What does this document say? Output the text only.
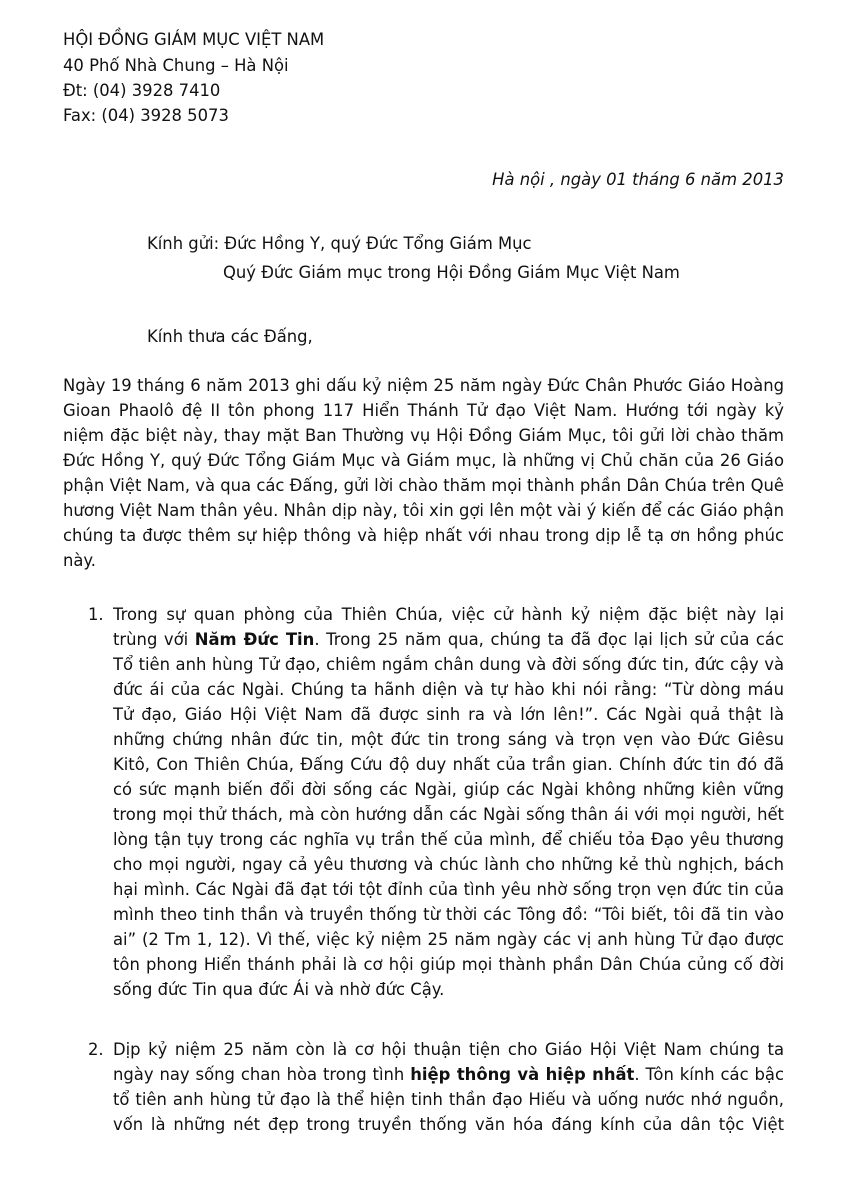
HỘI ĐỒNG GIÁM MỤC VIỆT NAM
40 Phố Nhà Chung – Hà Nội
Đt: (04) 3928 7410
Fax: (04) 3928 5073
Hà nội , ngày 01 tháng 6 năm 2013
Kính gửi: Đức Hồng Y, quý Đức Tổng Giám Mục
Quý Đức Giám mục trong Hội Đồng Giám Mục Việt Nam
Kính thưa các Đấng,
Ngày 19 tháng 6 năm 2013 ghi dấu kỷ niệm 25 năm ngày Đức Chân Phước Giáo Hoàng
Gioan Phaolô đệ II tôn phong 117 Hiển Thánh Tử đạo Việt Nam. Hướng tới ngày kỷ
niệm đặc biệt này, thay mặt Ban Thường vụ Hội Đồng Giám Mục, tôi gửi lời chào thăm
Đức Hồng Y, quý Đức Tổng Giám Mục và Giám mục, là những vị Chủ chăn của 26 Giáo
phận Việt Nam, và qua các Đấng, gửi lời chào thăm mọi thành phần Dân Chúa trên Quê
hương Việt Nam thân yêu. Nhân dịp này, tôi xin gợi lên một vài ý kiến để các Giáo phận
chúng ta được thêm sự hiệp thông và hiệp nhất với nhau trong dịp lễ tạ ơn hồng phúc
này.
1. Trong sự quan phòng của Thiên Chúa, việc cử hành kỷ niệm đặc biệt này lại
trùng với Năm Đức Tin. Trong 25 năm qua, chúng ta đã đọc lại lịch sử của các
Tổ tiên anh hùng Tử đạo, chiêm ngắm chân dung và đời sống đức tin, đức cậy và
đức ái của các Ngài. Chúng ta hãnh diện và tự hào khi nói rằng: “Từ dòng máu
Tử đạo, Giáo Hội Việt Nam đã được sinh ra và lớn lên!”. Các Ngài quả thật là
những chứng nhân đức tin, một đức tin trong sáng và trọn vẹn vào Đức Giêsu
Kitô, Con Thiên Chúa, Đấng Cứu độ duy nhất của trần gian. Chính đức tin đó đã
có sức mạnh biến đổi đời sống các Ngài, giúp các Ngài không những kiên vững
trong mọi thử thách, mà còn hướng dẫn các Ngài sống thân ái với mọi người, hết
lòng tận tụy trong các nghĩa vụ trần thế của mình, để chiếu tỏa Đạo yêu thương
cho mọi người, ngay cả yêu thương và chúc lành cho những kẻ thù nghịch, bách
hại mình. Các Ngài đã đạt tới tột đỉnh của tình yêu nhờ sống trọn vẹn đức tin của
mình theo tinh thần và truyền thống từ thời các Tông đồ: “Tôi biết, tôi đã tin vào
ai” (2 Tm 1, 12). Vì thế, việc kỷ niệm 25 năm ngày các vị anh hùng Tử đạo được
tôn phong Hiển thánh phải là cơ hội giúp mọi thành phần Dân Chúa củng cố đời
sống đức Tin qua đức Ái và nhờ đức Cậy.
2. Dịp kỷ niệm 25 năm còn là cơ hội thuận tiện cho Giáo Hội Việt Nam chúng ta
ngày nay sống chan hòa trong tình hiệp thông và hiệp nhất. Tôn kính các bậc
tổ tiên anh hùng tử đạo là thể hiện tinh thần đạo Hiếu và uống nước nhớ nguồn,
vốn là những nét đẹp trong truyền thống văn hóa đáng kính của dân tộc Việt
